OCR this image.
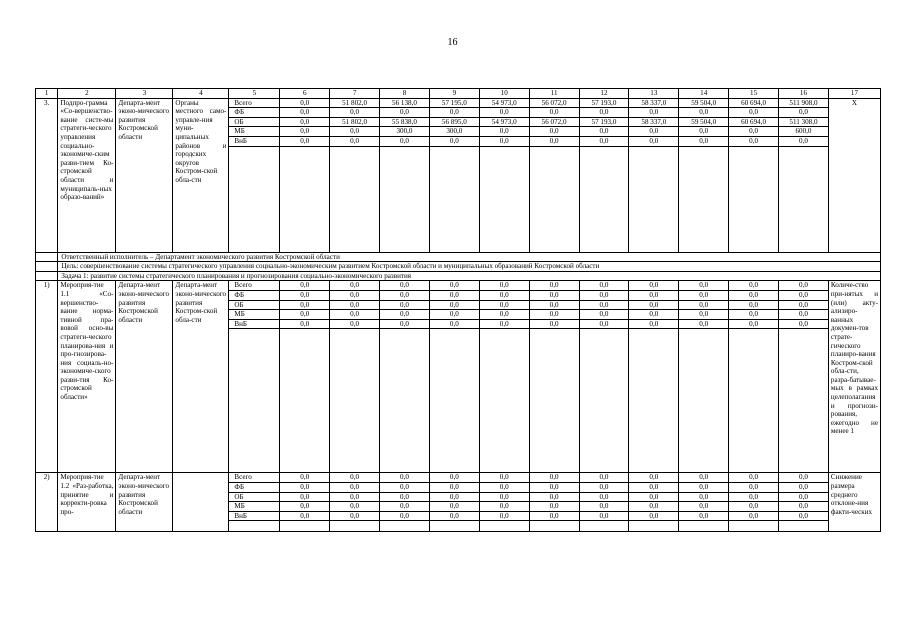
16
1	2	3	4	5	6	7	8	9	10	11	12	13	14	15	16	17
3.	Подпро-грамма «Со-вершенство-вание систе-мы стратеги-ческого управления социально-экономиче-ским разви-тием Ко-стромской области и муниципаль-ных образо-ваний»	Департа-мент эконо-мического развития Костромской области	Органы местного само-управле-ния муни-ципальных районов и городских округов Костром-ской обла-сти	Всего	0,0	51 802,0	56 138,0	57 195,0	54 973,0	56 072,0	57 193,0	58 337,0	59 504,0	60 694,0	511 908,0	Х
				ФБ	0,0	0,0	0,0	0,0	0,0	0,0	0,0	0,0	0,0	0,0	0,0	
				ОБ	0,0	51 802,0	55 838,0	56 895,0	54 973,0	56 072,0	57 193,0	58 337,0	59 504,0	60 694,0	511 308,0	
				МБ	0,0	0,0	300,0	300,0	0,0	0,0	0,0	0,0	0,0	0,0	600,0	
				ВнБ	0,0	0,0	0,0	0,0	0,0	0,0	0,0	0,0	0,0	0,0	0,0	

	Ответственный исполнитель – Департамент экономического развития Костромской области															
	Цель: совершенствование системы стратегического управления социально-экономическим развитием Костромской области и муниципальных образований Костромской области															
	Задача 1: развитие системы стратегического планирования и прогнозирования социально-экономического развития															
1)	Мероприя-тие 1.1 «Со-вершенство-вание норма-тивной пра-вовой осно-вы стратеги-ческого планирова-ния и про-гнозирова-ния социаль-но-экономиче-ского разви-тия Ко-стромской области»	Департа-мент эконо-мического развития Костромской области	Департа-мент эконо-мического развития Костром-ской обла-сти	Всего	0,0	0,0	0,0	0,0	0,0	0,0	0,0	0,0	0,0	0,0	0,0	Количе-ство при-нятых и (или) акту-ализиро-ванных докумен-тов страте-гического планиро-вания Костром-ской обла-сти, разра-батывае-мых в рамках целеполагания и прогнози-рования, ежегодно не менее 1
				ФБ	0,0	0,0	0,0	0,0	0,0	0,0	0,0	0,0	0,0	0,0	0,0	
				ОБ	0,0	0,0	0,0	0,0	0,0	0,0	0,0	0,0	0,0	0,0	0,0	
				МБ	0,0	0,0	0,0	0,0	0,0	0,0	0,0	0,0	0,0	0,0	0,0	
				ВнБ	0,0	0,0	0,0	0,0	0,0	0,0	0,0	0,0	0,0	0,0	0,0	

2)	Мероприя-тие 1.2 «Раз-работка, принятие и корректи-ровка про-	Департа-мент эконо-мического развития Костромской области		Всего	0,0	0,0	0,0	0,0	0,0	0,0	0,0	0,0	0,0	0,0	0,0	Снижение размера среднего отклоне-ния факти-ческих
				ФБ	0,0	0,0	0,0	0,0	0,0	0,0	0,0	0,0	0,0	0,0	0,0	
				ОБ	0,0	0,0	0,0	0,0	0,0	0,0	0,0	0,0	0,0	0,0	0,0	
				МБ	0,0	0,0	0,0	0,0	0,0	0,0	0,0	0,0	0,0	0,0	0,0	
				ВнБ	0,0	0,0	0,0	0,0	0,0	0,0	0,0	0,0	0,0	0,0	0,0	
